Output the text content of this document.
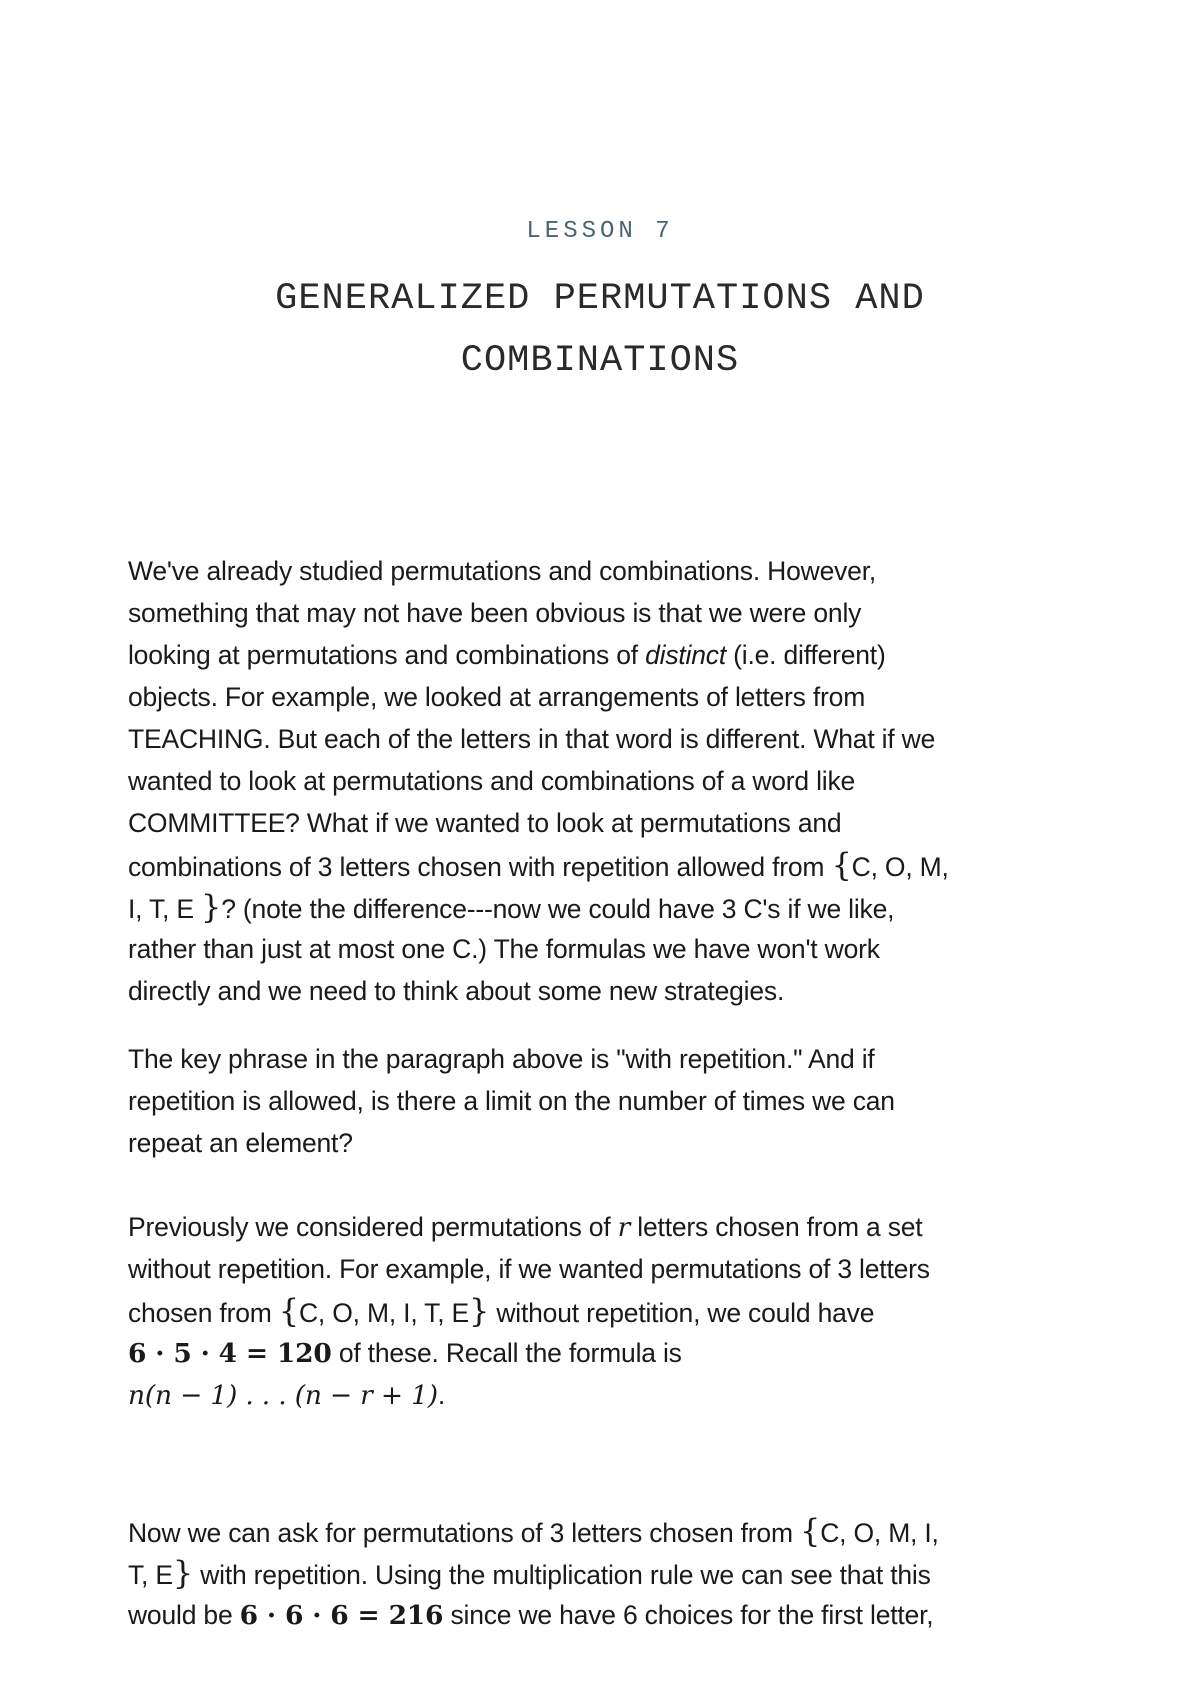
LESSON 7
GENERALIZED PERMUTATIONS AND
COMBINATIONS
We've already studied permutations and combinations. However,
something that may not have been obvious is that we were only
looking at permutations and combinations of distinct (i.e. different)
objects. For example, we looked at arrangements of letters from
TEACHING. But each of the letters in that word is different. What if we
wanted to look at permutations and combinations of a word like
COMMITTEE? What if we wanted to look at permutations and
combinations of 3 letters chosen with repetition allowed from {C, O, M,
I, T, E }? (note the difference---now we could have 3 C's if we like,
rather than just at most one C.) The formulas we have won't work
directly and we need to think about some new strategies.
The key phrase in the paragraph above is "with repetition." And if
repetition is allowed, is there a limit on the number of times we can
repeat an element?
Previously we considered permutations of r letters chosen from a set
without repetition. For example, if we wanted permutations of 3 letters
chosen from {C, O, M, I, T, E} without repetition, we could have
6 · 5 · 4 = 120 of these. Recall the formula is
n(n − 1) . . . (n − r + 1).
Now we can ask for permutations of 3 letters chosen from {C, O, M, I,
T, E} with repetition. Using the multiplication rule we can see that this
would be 6 · 6 · 6 = 216 since we have 6 choices for the first letter,
